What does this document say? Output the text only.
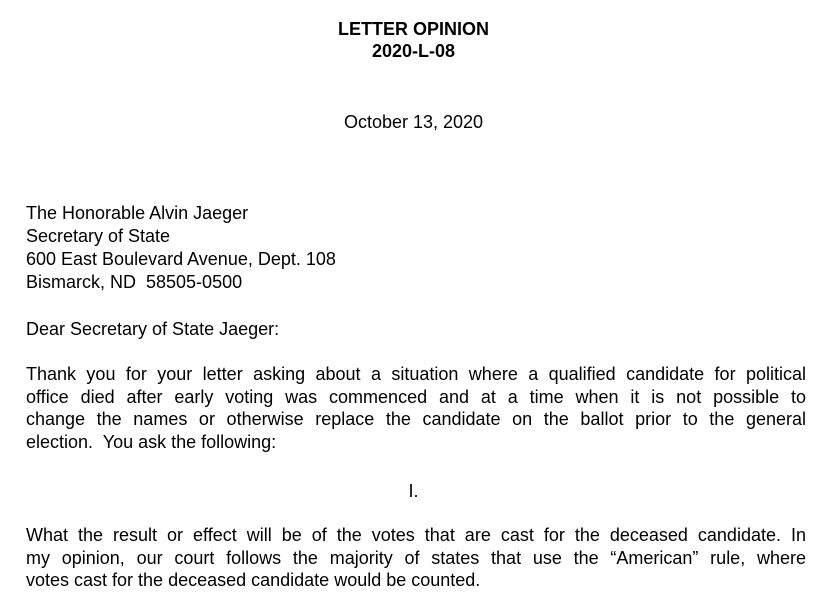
LETTER OPINION
2020-L-08
October 13, 2020
The Honorable Alvin Jaeger
Secretary of State
600 East Boulevard Avenue, Dept. 108
Bismarck, ND  58505-0500
Dear Secretary of State Jaeger:
Thank you for your letter asking about a situation where a qualified candidate for political
office died after early voting was commenced and at a time when it is not possible to
change the names or otherwise replace the candidate on the ballot prior to the general
election.  You ask the following:
I.
What the result or effect will be of the votes that are cast for the deceased candidate. In
my opinion, our court follows the majority of states that use the “American” rule, where
votes cast for the deceased candidate would be counted.
